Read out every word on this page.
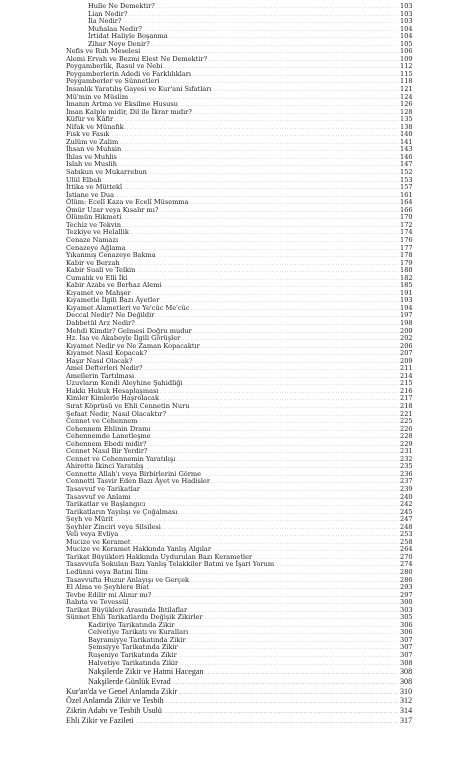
. . .
Hulle Ne Demektir?	103
. . .
Lian Nedir?	103
. . .
İla Nedir?	103
. . .
Muhalaa Nedir?	104
. . .
İrtidat Haliyle Boşanma	104
. . .
Zihar Neye Denir?	105
. . .
Nefis ve Ruh Meselesi	106
. . .
Alemi Ervah ve Bezmi Elest Ne Demektir?	109
. . .
Peygamberlik, Rasul ve Nebi	112
. . .
Peygamberlerin Adedi ve Farklılıkları	115
. . .
Peygamberler ve Sünnetleri	118
. . .
İnsanlık Yaratılış Gayesi ve Kur'ani Sıfatları	121
. . .
Mü'min ve Müslim	124
. . .
İmanın Artma ve Eksilme Hususu	126
. . .
İman Kalple midir, Dil ile İkrar mıdır?	128
. . .
Küfür ve Kâfir	135
. . .
Nifak ve Münafık	138
. . .
Fısk ve Fasık	140
. . .
Zulüm ve Zalim	141
. . .
İhsan ve Muhsin	143
. . .
İhlas ve Muhlis	146
. . .
Islah ve Muslih	147
. . .
Sabıkun ve Mukarrebun	152
. . .
Ulül Elbab	153
. . .
İttika ve Müttekî	157
. . .
İstiane ve Dua	161
. . .
Ölüm: Ecelî Kaza ve Ecelî Müsemma	164
. . .
Ömür Uzar veya Kısalır mı?	166
. . .
Ölümün Hikmeti	170
. . .
Techiz ve Tekvin	172
. . .
Tezkiye ve Helallik	174
. . .
Cenaze Namazı	176
. . .
Cenazeye Ağlama	177
. . .
Yıkanmış Cenazeye Bakma	178
. . .
Kabir ve Berzah	179
. . .
Kabir Suali ve Telkin	180
. . .
Cumalık ve Elli İki	182
. . .
Kabir Azabı ve Berhaz Alemi	185
. . .
Kıyamet ve Mahşer	191
. . .
Kıyametle İlgili Bazı Âyetler	193
. . .
Kıyamet Alametleri ve Ye'cûc Me'cûc	194
. . .
Deccal Nedir? Ne Değildir	197
. . .
Dabbetül Arz Nedir?	198
. . .
Mehdi Kimdir? Gelmesi Doğru mudur	200
. . .
Hz. İsa ve Akabeyle İlgili Görüşler	202
. . .
Kıyamet Nedir ve Ne Zaman Kopacaktır	206
. . .
Kıyamet Nasıl Kopacak?	207
. . .
Haşır Nasıl Olacak?	209
. . .
Amel Defterleri Nedir?	211
. . .
Amellerin Tartılması	214
. . .
Uzuvların Kendi Aleyhine Şahidliği	215
. . .
Hakkı Hukuk Hesaplaşması	216
. . .
Kimler Kimlerle Haşrolacak	217
. . .
Sırat Köprüsü ve Ehli Cennetin Nuru	218
. . .
Şefaat Nedir, Nasıl Olacaktır?	221
. . .
Cennet ve Cehennem	225
. . .
Cehennem Ehlinin Dramı	226
. . .
Cehennemde Lanetleşme	228
. . .
Cehennem Ebedi midir?	229
. . .
Cennet Nasıl Bir Yerdir?	231
. . .
Cennet ve Cehennemin Yaratılışı	232
. . .
Ahirette İkinci Yaratılış	235
. . .
Cennette Allah'ı veya Birbirlerini Görme	236
. . .
Cennetti Tasvir Eden Bazı Âyet ve Hadisler	237
. . .
Tasavvuf ve Tarikatlar	239
. . .
Tasavvuf ve Anlamı	240
. . .
Tarikatlar ve Başlangıcı	242
. . .
Tarikatların Yayılışı ve Çoğalması	245
. . .
Şeyh ve Mürit	247
. . .
Şeyhler Zinciri veya Silsilesi	248
. . .
Veli veya Evliya	253
. . .
Mucize ve Keramet	258
. . .
Mucize ve Keramet Hakkında Yanlış Algılar	264
. . .
Tarikat Büyükleri Hakkında Uydurulan Bazı Kerametler	270
. . .
Tasavvufa Sokulan Bazı Yanlış Telakkiler Batıni ve İşari Yorum	274
. . .
Ledünni veya Batıni İlim	280
. . .
Tasavvufta Huzur Anlayışı ve Gerçek	286
. . .
El Alma ve Şeyhlere Biat	293
. . .
Tevbe Edilir mi Alınır mı?	297
. . .
Rabıta ve Tevessül	300
. . .
Tarikat Büyükleri Arasında İhtilaflar	303
. . .
Sünnet Ehli Tarikatlarda Değişik Zikirler	305
. . .
Kadiriye Tarikatında Zikir	306
. . .
Celvetiye Tarikatı ve Kuralları	306
. . .
Bayramiyye Tarikatında Zikir	307
. . .
Şemsiyye Tarikatında Zikir	307
. . .
Ruşeniye Tarikatında Zikir	307
. . .
Halvetiye Tarikatında Zikir	308
. . .
Nakşilerde Zikir ve Hatmi Hacegan	308
. . .
Nakşilerde Günlük Evrad	308
. . .
Kur'an'da ve Genel Anlamda Zikir	310
. . .
Özel Anlamda Zikir ve Tesbih	312
. . .
Zikrin Adabı ve Tesbih Usulü	314
. . .
Ehli Zikir ve Fazileti	317
